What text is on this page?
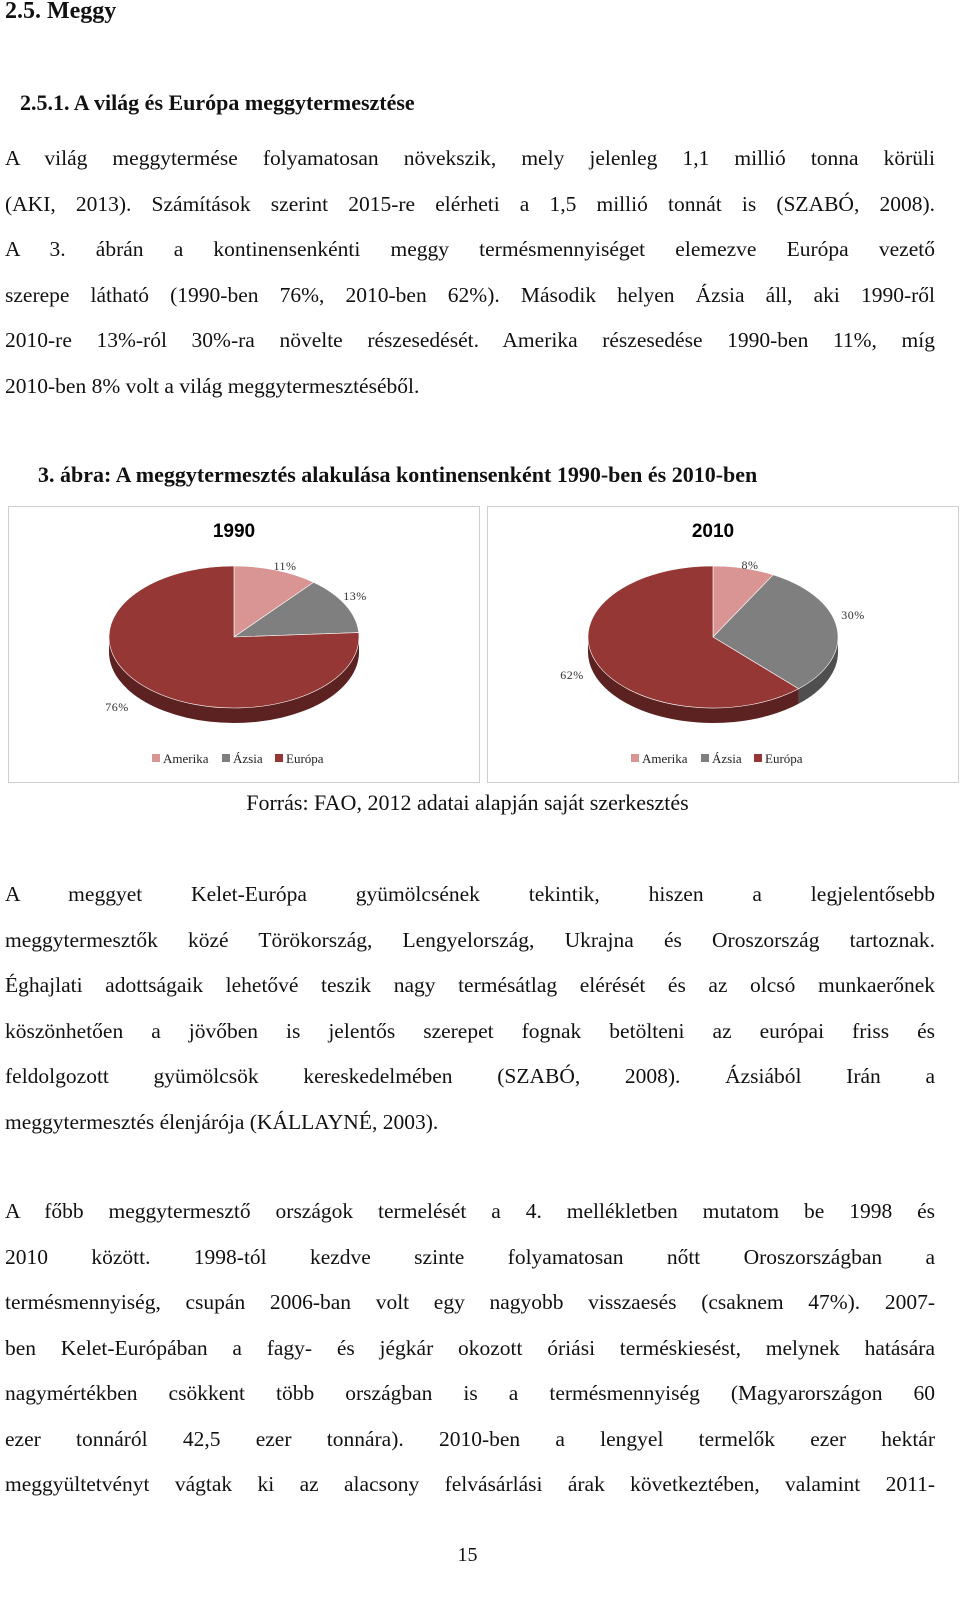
2.5. Meggy
2.5.1. A világ és Európa meggytermesztése

A világ meggytermése folyamatosan növekszik, mely jelenleg 1,1 millió tonna körüli
(AKI, 2013). Számítások szerint 2015-re elérheti a 1,5 millió tonnát is (SZABÓ, 2008).
A 3. ábrán a kontinensenkénti meggy termésmennyiséget elemezve Európa vezető
szerepe látható (1990-ben 76%, 2010-ben 62%). Második helyen Ázsia áll, aki 1990-ről
2010-re 13%-ról 30%-ra növelte részesedését. Amerika részesedése 1990-ben 11%, míg
2010-ben 8% volt a világ meggytermesztéséből.

3. ábra: A meggytermesztés alakulása kontinensenként 1990-ben és 2010-ben

1990
11%
13%
76%
Amerika Ázsia Európa
2010
8%
30%
62%
Amerika Ázsia Európa

Forrás: FAO, 2012 adatai alapján saját szerkesztés

A meggyet Kelet-Európa gyümölcsének tekintik, hiszen a legjelentősebb
meggytermesztők közé Törökország, Lengyelország, Ukrajna és Oroszország tartoznak.
Éghajlati adottságaik lehetővé teszik nagy termésátlag elérését és az olcsó munkaerőnek
köszönhetően a jövőben is jelentős szerepet fognak betölteni az európai friss és
feldolgozott gyümölcsök kereskedelmében (SZABÓ, 2008). Ázsiából Irán a
meggytermesztés élenjárója (KÁLLAYNÉ, 2003).

A főbb meggytermesztő országok termelését a 4. mellékletben mutatom be 1998 és
2010 között. 1998-tól kezdve szinte folyamatosan nőtt Oroszországban a
termésmennyiség, csupán 2006-ban volt egy nagyobb visszaesés (csaknem 47%). 2007-
ben Kelet-Európában a fagy- és jégkár okozott óriási terméskiesést, melynek hatására
nagymértékben csökkent több országban is a termésmennyiség (Magyarországon 60
ezer tonnáról 42,5 ezer tonnára). 2010-ben a lengyel termelők ezer hektár
meggyültetvényt vágtak ki az alacsony felvásárlási árak következtében, valamint 2011-

15
